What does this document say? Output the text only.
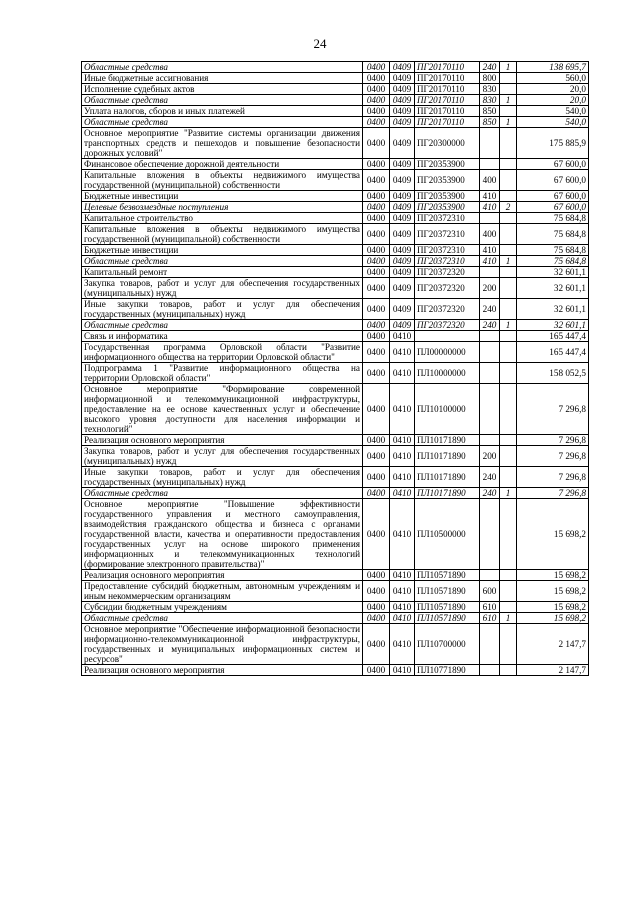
24
Областные средства	0400	0409	ПГ20170110	240	1	138 695,7
Иные бюджетные ассигнования	0400	0409	ПГ20170110	800		560,0
Исполнение судебных актов	0400	0409	ПГ20170110	830		20,0
Областные средства	0400	0409	ПГ20170110	830	1	20,0
Уплата налогов, сборов и иных платежей	0400	0409	ПГ20170110	850		540,0
Областные средства	0400	0409	ПГ20170110	850	1	540,0
Основное мероприятие "Развитие системы организации движения транспортных средств и пешеходов и повышение безопасности дорожных условий"	0400	0409	ПГ20300000			175 885,9
Финансовое обеспечение дорожной деятельности	0400	0409	ПГ20353900			67 600,0
Капитальные вложения в объекты недвижимого имущества государственной (муниципальной) собственности	0400	0409	ПГ20353900	400		67 600,0
Бюджетные инвестиции	0400	0409	ПГ20353900	410		67 600,0
Целевые безвозмездные поступления	0400	0409	ПГ20353900	410	2	67 600,0
Капитальное строительство	0400	0409	ПГ20372310			75 684,8
Капитальные вложения в объекты недвижимого имущества государственной (муниципальной) собственности	0400	0409	ПГ20372310	400		75 684,8
Бюджетные инвестиции	0400	0409	ПГ20372310	410		75 684,8
Областные средства	0400	0409	ПГ20372310	410	1	75 684,8
Капитальный ремонт	0400	0409	ПГ20372320			32 601,1
Закупка товаров, работ и услуг для обеспечения государственных (муниципальных) нужд	0400	0409	ПГ20372320	200		32 601,1
Иные закупки товаров, работ и услуг для обеспечения государственных (муниципальных) нужд	0400	0409	ПГ20372320	240		32 601,1
Областные средства	0400	0409	ПГ20372320	240	1	32 601,1
Связь и информатика	0400	0410				165 447,4
Государственная программа Орловской области "Развитие информационного общества на территории Орловской области"	0400	0410	ПЛ00000000			165 447,4
Подпрограмма 1 "Развитие информационного общества на территории Орловской области"	0400	0410	ПЛ10000000			158 052,5
Основное мероприятие "Формирование современной информационной и телекоммуникационной инфраструктуры, предоставление на ее основе качественных услуг и обеспечение высокого уровня доступности для населения информации и технологий"	0400	0410	ПЛ10100000			7 296,8
Реализация основного мероприятия	0400	0410	ПЛ10171890			7 296,8
Закупка товаров, работ и услуг для обеспечения государственных (муниципальных) нужд	0400	0410	ПЛ10171890	200		7 296,8
Иные закупки товаров, работ и услуг для обеспечения государственных (муниципальных) нужд	0400	0410	ПЛ10171890	240		7 296,8
Областные средства	0400	0410	ПЛ10171890	240	1	7 296,8
Основное мероприятие "Повышение эффективности государственного управления и местного самоуправления, взаимодействия гражданского общества и бизнеса с органами государственной власти, качества и оперативности предоставления государственных услуг на основе широкого применения информационных и телекоммуникационных технологий (формирование электронного правительства)"	0400	0410	ПЛ10500000			15 698,2
Реализация основного мероприятия	0400	0410	ПЛ10571890			15 698,2
Предоставление субсидий бюджетным, автономным учреждениям и иным некоммерческим организациям	0400	0410	ПЛ10571890	600		15 698,2
Субсидии бюджетным учреждениям	0400	0410	ПЛ10571890	610		15 698,2
Областные средства	0400	0410	ПЛ10571890	610	1	15 698,2
Основное мероприятие "Обеспечение информационной безопасности информационно-телекоммуникационной инфраструктуры, государственных и муниципальных информационных систем и ресурсов"	0400	0410	ПЛ10700000			2 147,7
Реализация основного мероприятия	0400	0410	ПЛ10771890			2 147,7
